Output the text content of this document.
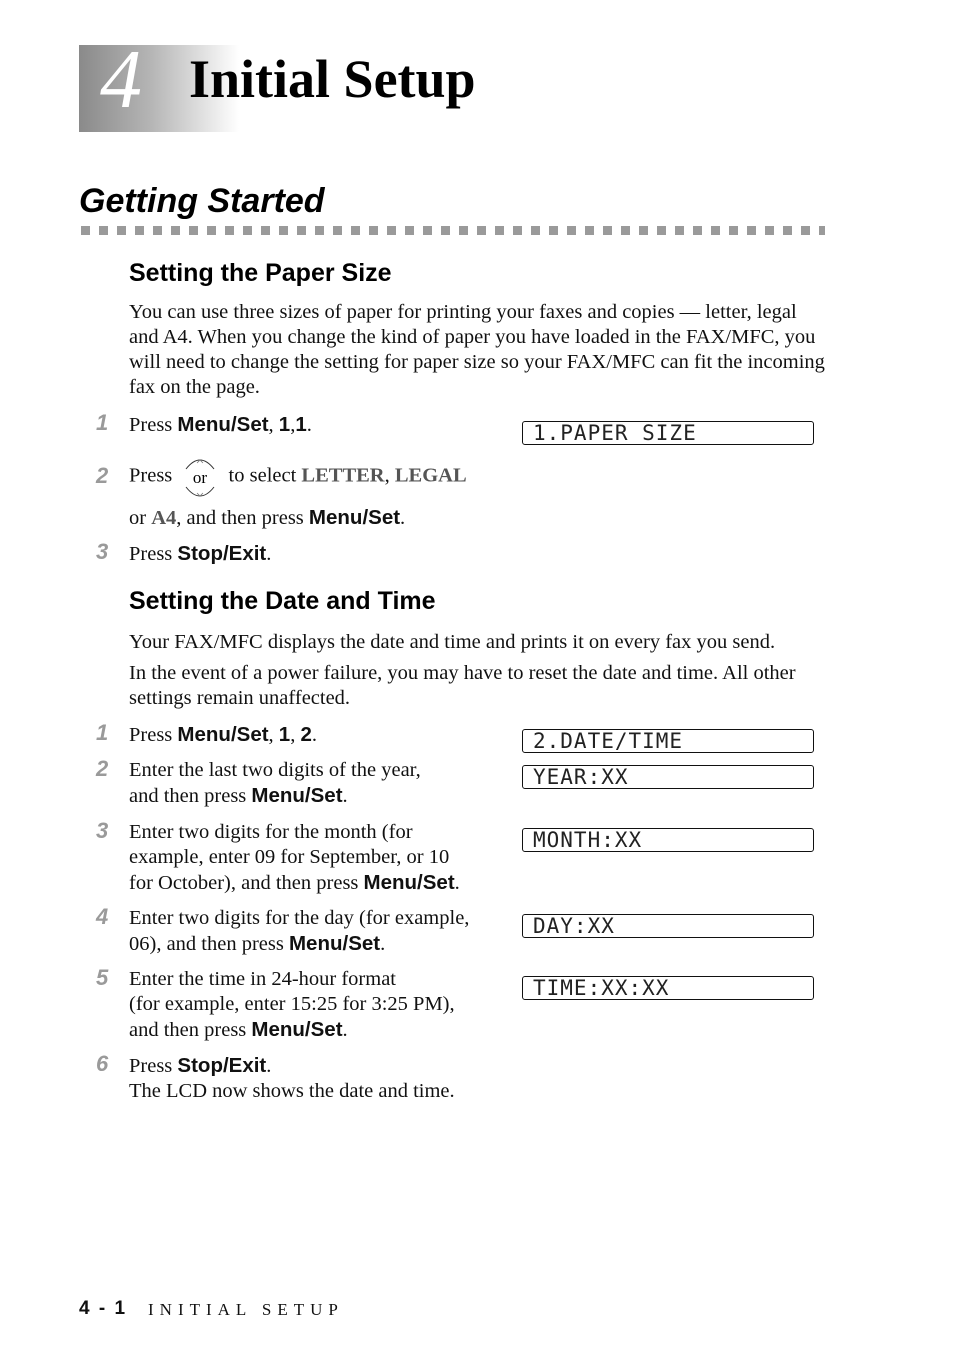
4 Initial Setup
Getting Started
Setting the Paper Size
You can use three sizes of paper for printing your faxes and copies — letter, legal and A4. When you change the kind of paper you have loaded in the FAX/MFC, you will need to change the setting for paper size so your FAX/MFC can fit the incoming fax on the page.
1 Press Menu/Set, 1,1.	1.PAPER SIZE
2 Press or to select LETTER, LEGAL
or A4, and then press Menu/Set.
3 Press Stop/Exit.
Setting the Date and Time
Your FAX/MFC displays the date and time and prints it on every fax you send.
In the event of a power failure, you may have to reset the date and time. All other settings remain unaffected.
1 Press Menu/Set, 1, 2.	2.DATE/TIME
2 Enter the last two digits of the year,
and then press Menu/Set.
YEAR:XX
3 Enter two digits for the month (for
example, enter 09 for September, or 10
for October), and then press Menu/Set.
MONTH:XX
4 Enter two digits for the day (for example,
06), and then press Menu/Set.
DAY:XX
5 Enter the time in 24-hour format
(for example, enter 15:25 for 3:25 PM),
and then press Menu/Set.
TIME:XX:XX
6 Press Stop/Exit.
The LCD now shows the date and time.
4 - 1 INITIAL SETUP
